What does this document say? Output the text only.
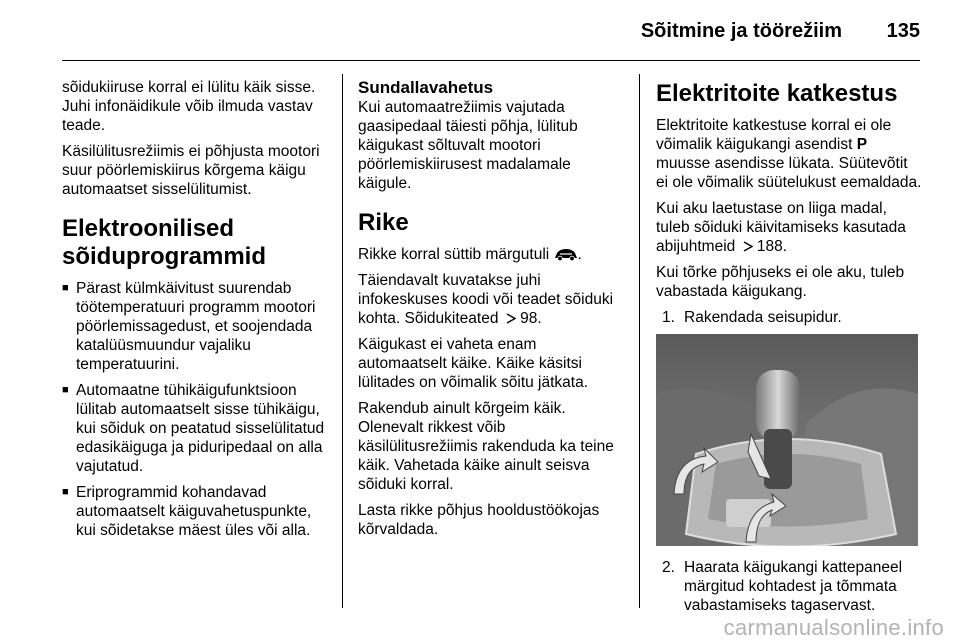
Sõitmine ja töörežiim 135

sõidukiiruse korral ei lülitu käik sisse. Juhi infonäidikule võib ilmuda vastav teade.

Käsilülitusrežiimis ei põhjusta mootori suur pöörlemiskiirus kõrgema käigu automaatset sisselülitumist.

Elektroonilised sõiduprogrammid
■ Pärast külmkäivitust suurendab töötemperatuuri programm mootori pöörlemissagedust, et soojendada katalüüsmuundur vajaliku temperatuurini.
■ Automaatne tühikäigufunktsioon lülitab automaatselt sisse tühikäigu, kui sõiduk on peatatud sisselülitatud edasikäiguga ja piduripedaal on alla vajutatud.
■ Eriprogrammid kohandavad automaatselt käiguvahetuspunkte, kui sõidetakse mäest üles või alla.
Sundallavahetus

Kui automaatrežiimis vajutada gaasipedaal täiesti põhja, lülitub käigukast sõltuvalt mootori pöörlemiskiirusest madalamale käigule.

Rike

Rikke korral süttib märgutuli .

Täiendavalt kuvatakse juhi infokeskuses koodi või teadet sõiduki kohta. Sõidukiteated  98.

Käigukast ei vaheta enam automaatselt käike. Käike käsitsi lülitades on võimalik sõitu jätkata.

Rakendub ainult kõrgeim käik. Olenevalt rikkest võib käsilülitusrežiimis rakenduda ka teine käik. Vahetada käike ainult seisva sõiduki korral.

Lasta rikke põhjus hooldustöökojas kõrvaldada.

Elektritoite katkestus

Elektritoite katkestuse korral ei ole võimalik käigukangi asendist P muusse asendisse lükata. Süütevõtit ei ole võimalik süütelukust eemaldada.

Kui aku laetustase on liiga madal, tuleb sõiduki käivitamiseks kasutada abijuhtmeid  188.

Kui tõrke põhjuseks ei ole aku, tuleb vabastada käigukang.

1. Rakendada seisupidur.
2. Haarata käigukangi kattepaneel märgitud kohtadest ja tõmmata vabastamiseks tagaservast.
carmanualsonline.info
